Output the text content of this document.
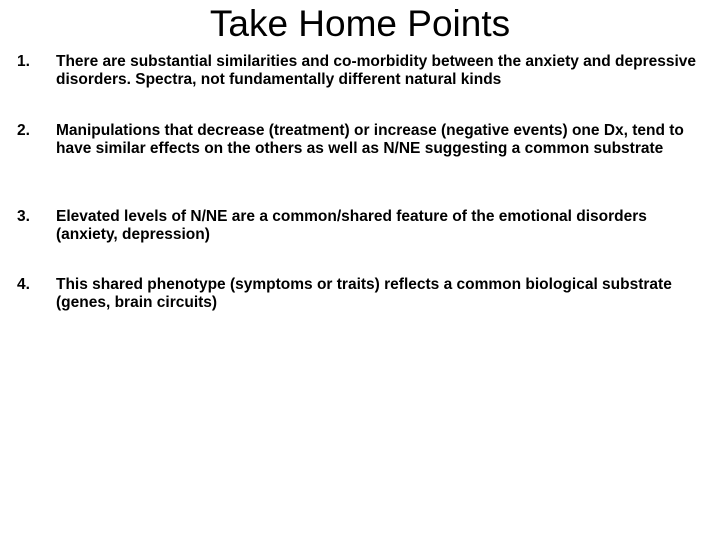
Take Home Points
1. There are substantial similarities and co-morbidity between the anxiety and depressive disorders. Spectra, not fundamentally different natural kinds
2. Manipulations that decrease (treatment) or increase (negative events) one Dx, tend to have similar effects on the others as well as N/NE suggesting a common substrate
3. Elevated levels of N/NE are a common/shared feature of the emotional disorders (anxiety, depression)
4. This shared phenotype (symptoms or traits) reflects a common biological substrate (genes, brain circuits)
